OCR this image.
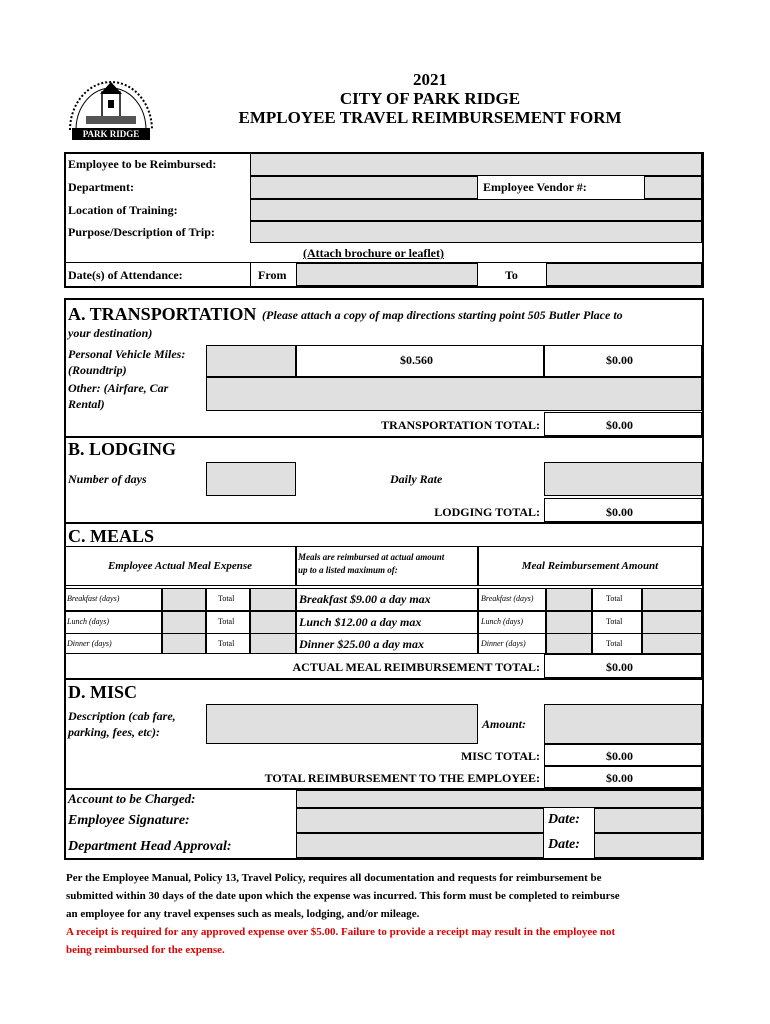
PARK RIDGE
2021
CITY OF PARK RIDGE
EMPLOYEE TRAVEL REIMBURSEMENT FORM
Employee to be Reimbursed:
Department:	Employee Vendor #:
Location of Training:
Purpose/Description of Trip:
(Attach brochure or leaflet)
Date(s) of Attendance:	From	To
A. TRANSPORTATION (Please attach a copy of map directions starting point 505 Butler Place to
your destination)
Personal Vehicle Miles:
(Roundtrip)
$0.560	$0.00
Other: (Airfare, Car
Rental)
TRANSPORTATION TOTAL:	$0.00
B. LODGING
Number of days	Daily Rate
LODGING TOTAL:	$0.00
C. MEALS
Employee Actual Meal Expense
Meals are reimbursed at actual amount
up to a listed maximum of:	Meal Reimbursement Amount
Breakfast (days)	Total	Breakfast $9.00 a day max	Breakfast (days)	Total
Lunch (days)	Total	Lunch $12.00 a day max	Lunch (days)	Total
Dinner (days)	Total	Dinner $25.00 a day max	Dinner (days)	Total
ACTUAL MEAL REIMBURSEMENT TOTAL:	$0.00
D. MISC
Description (cab fare,
parking, fees, etc):
Amount:
MISC TOTAL:	$0.00
TOTAL REIMBURSEMENT TO THE EMPLOYEE:	$0.00
Account to be Charged:
Employee Signature:	Date:
Department Head Approval:	Date:
Per the Employee Manual, Policy 13, Travel Policy, requires all documentation and requests for reimbursement be
submitted within 30 days of the date upon which the expense was incurred. This form must be completed to reimburse
an employee for any travel expenses such as meals, lodging, and/or mileage.
A receipt is required for any approved expense over $5.00. Failure to provide a receipt may result in the employee not
being reimbursed for the expense.
